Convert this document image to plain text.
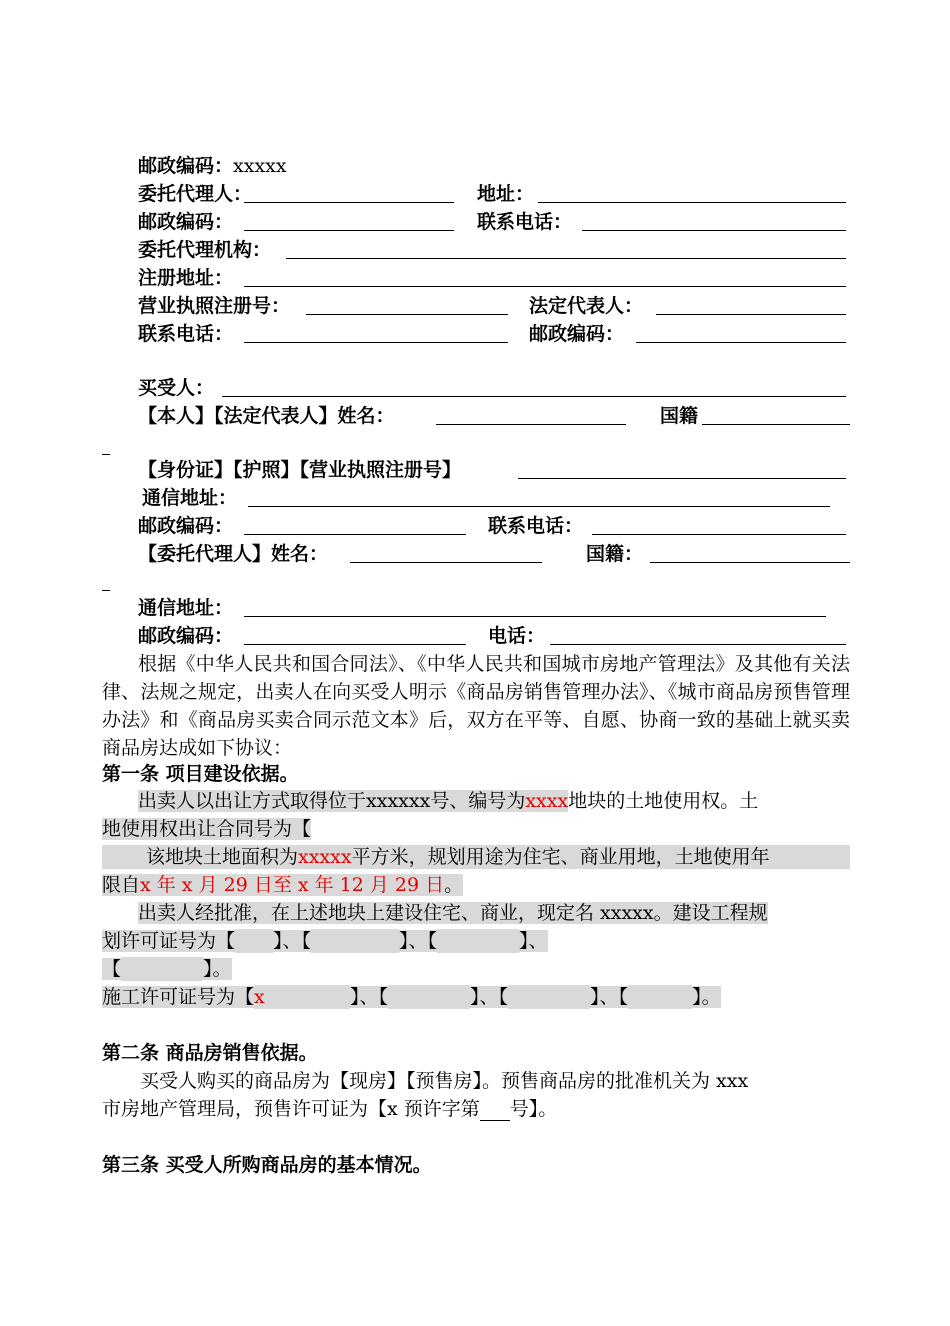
邮政编码：xxxxx
委托代理人：	地址：
邮政编码：	联系电话：
委托代理机构：
注册地址：
营业执照注册号：	法定代表人：
联系电话：	邮政编码：
买受人：
【本人】【法定代表人】姓名：	国籍
【身份证】【护照】【营业执照注册号】
通信地址：
邮政编码：	联系电话：
【委托代理人】姓名：	国籍：
通信地址：
邮政编码：	电话：
根据《中华人民共和国合同法》、《中华人民共和国城市房地产管理法》及其他有关法律、法规之规定，出卖人在向买受人明示《商品房销售管理办法》、《城市商品房预售管理办法》和《商品房买卖合同示范文本》后，双方在平等、自愿、协商一致的基础上就买卖商品房达成如下协议：
第一条 项目建设依据。
出卖人以出让方式取得位于xxxxxx号、编号为xxxx地块的土地使用权。土
地使用权出让合同号为【
该地块土地面积为xxxxx平方米，规划用途为住宅、商业用地，土地使用年
限自x 年 x 月 29 日至 x 年 12 月 29 日。
出卖人经批准，在上述地块上建设住宅、商业，现定名 xxxxx。建设工程规
划许可证号为【 】、【	】、【	】、
【	】。
施工许可证号为【x	】、【	】、【	】、【	】。
第二条 商品房销售依据。
买受人购买的商品房为【现房】【预售房】。预售商品房的批准机关为 xxx
市房地产管理局，预售许可证为【x 预许字第 号】。
第三条 买受人所购商品房的基本情况。
